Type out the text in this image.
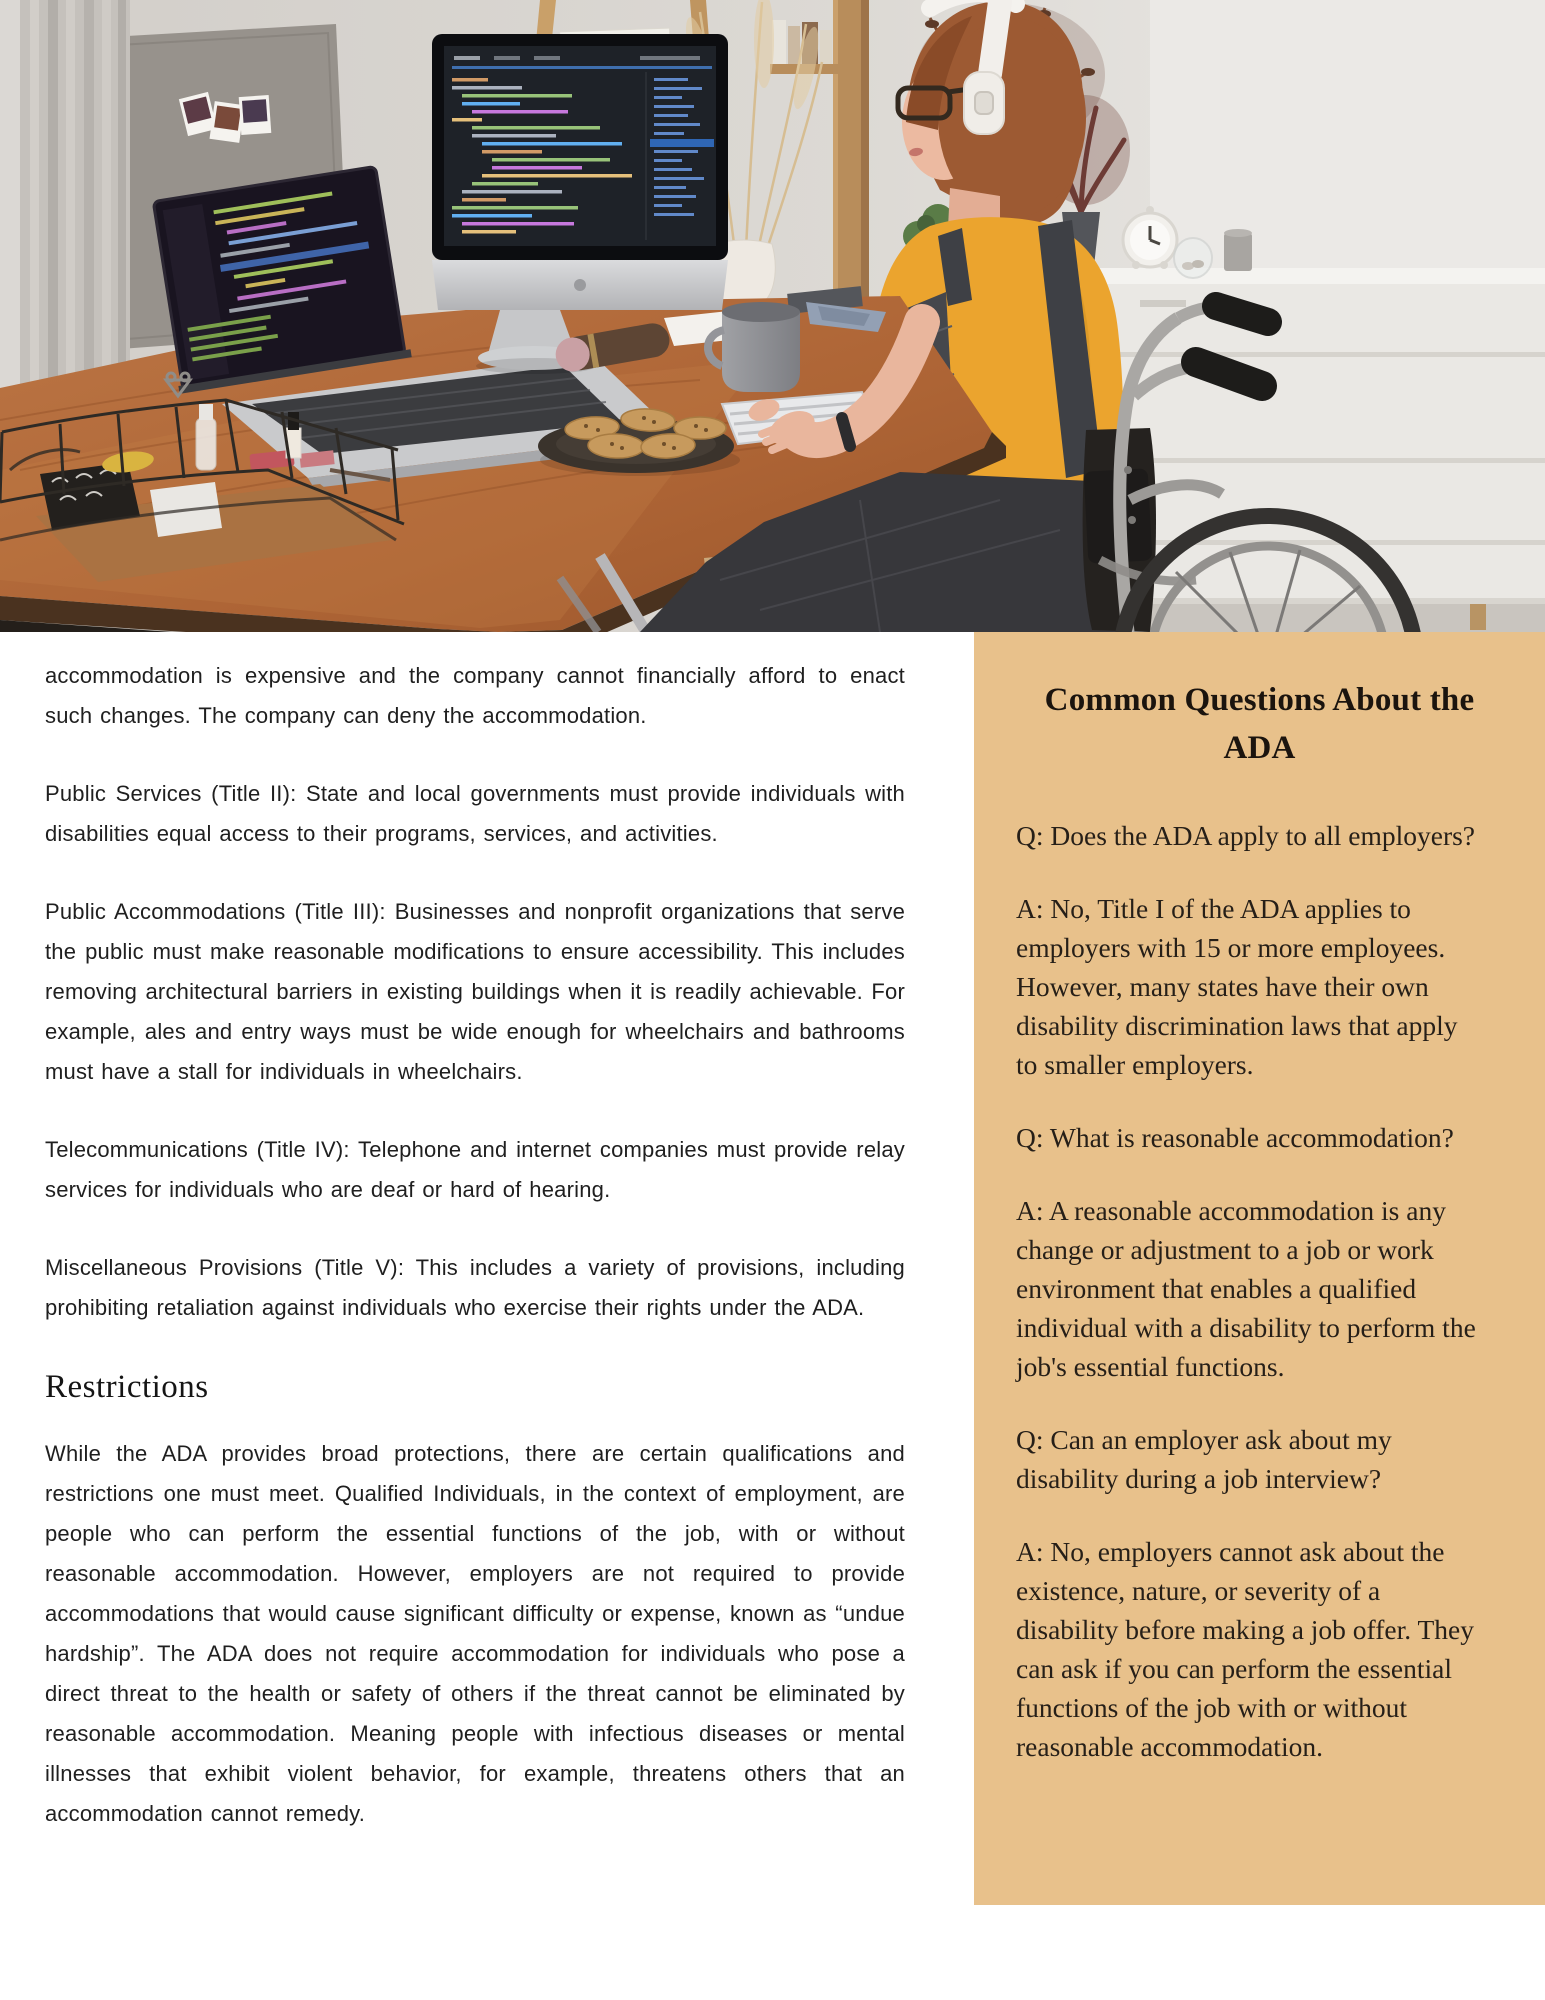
accommodation is expensive and the company cannot financially afford to enact such changes. The company can deny the accommodation.

Public Services (Title II): State and local governments must provide individuals with disabilities equal access to their programs, services, and activities.

Public Accommodations (Title III): Businesses and nonprofit organizations that serve the public must make reasonable modifications to ensure accessibility. This includes removing architectural barriers in existing buildings when it is readily achievable. For example, ales and entry ways must be wide enough for wheelchairs and bathrooms must have a stall for individuals in wheelchairs.

Telecommunications (Title IV): Telephone and internet companies must provide relay services for individuals who are deaf or hard of hearing.

Miscellaneous Provisions (Title V): This includes a variety of provisions, including prohibiting retaliation against individuals who exercise their rights under the ADA.

Restrictions

While the ADA provides broad protections, there are certain qualifications and restrictions one must meet. Qualified Individuals, in the context of employment, are people who can perform the essential functions of the job, with or without reasonable accommodation. However, employers are not required to provide accommodations that would cause significant difficulty or expense, known as “undue hardship”. The ADA does not require accommodation for individuals who pose a direct threat to the health or safety of others if the threat cannot be eliminated by reasonable accommodation. Meaning people with infectious diseases or mental illnesses that exhibit violent behavior, for example, threatens others that an accommodation cannot remedy.

Common Questions About the ADA

Q: Does the ADA apply to all employers?

A: No, Title I of the ADA applies to employers with 15 or more employees. However, many states have their own disability discrimination laws that apply to smaller employers.

Q: What is reasonable accommodation?

A: A reasonable accommodation is any change or adjustment to a job or work environment that enables a qualified individual with a disability to perform the job's essential functions.

Q: Can an employer ask about my disability during a job interview?

A: No, employers cannot ask about the existence, nature, or severity of a disability before making a job offer. They can ask if you can perform the essential functions of the job with or without reasonable accommodation.
